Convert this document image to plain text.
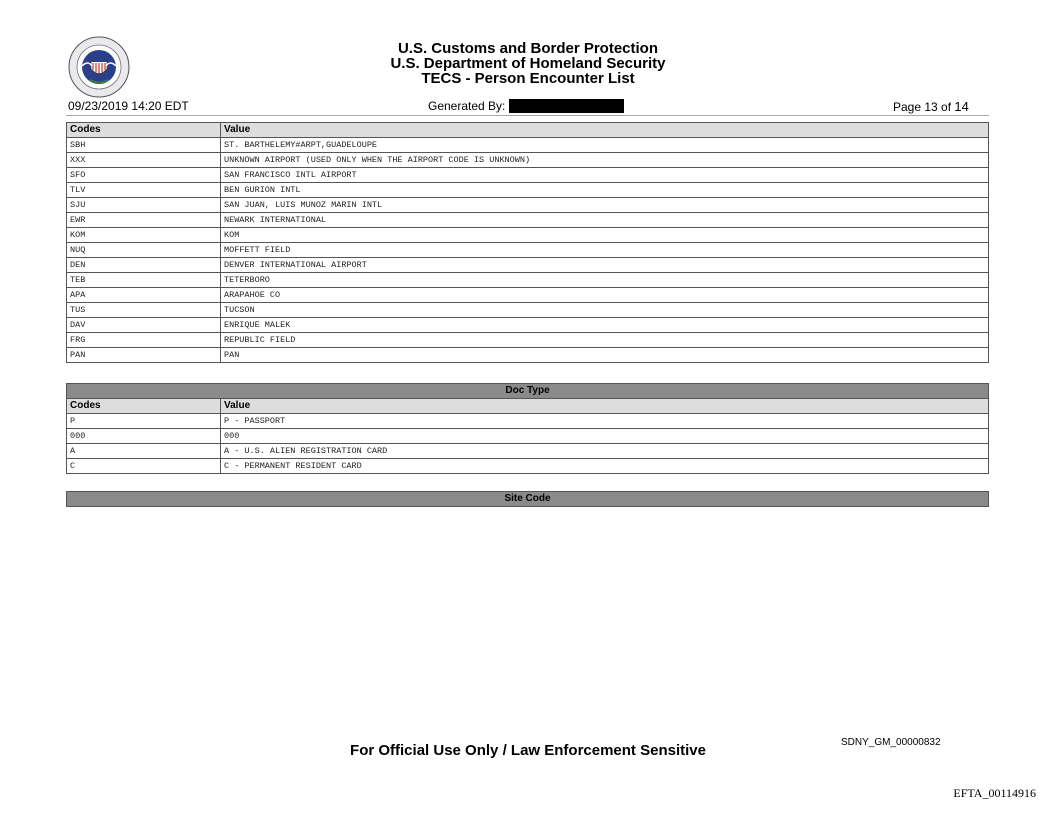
U.S. Customs and Border Protection
U.S. Department of Homeland Security
TECS - Person Encounter List
09/23/2019 14:20 EDT	Generated By:	Page 13 of 14
Codes	Value
SBH	ST. BARTHELEMY#ARPT,GUADELOUPE
XXX	UNKNOWN AIRPORT (USED ONLY WHEN THE AIRPORT CODE IS UNKNOWN)
SFO	SAN FRANCISCO INTL AIRPORT
TLV	BEN GURION INTL
SJU	SAN JUAN, LUIS MUNOZ MARIN INTL
EWR	NEWARK INTERNATIONAL
KOM	KOM
NUQ	MOFFETT FIELD
DEN	DENVER INTERNATIONAL AIRPORT
TEB	TETERBORO
APA	ARAPAHOE CO
TUS	TUCSON
DAV	ENRIQUE MALEK
FRG	REPUBLIC FIELD
PAN	PAN
Doc Type	
Codes	Value
P	P - PASSPORT
000	000
A	A - U.S. ALIEN REGISTRATION CARD
C	C - PERMANENT RESIDENT CARD
Site Code
SDNY_GM_00000832
For Official Use Only / Law Enforcement Sensitive
EFTA_00114916
